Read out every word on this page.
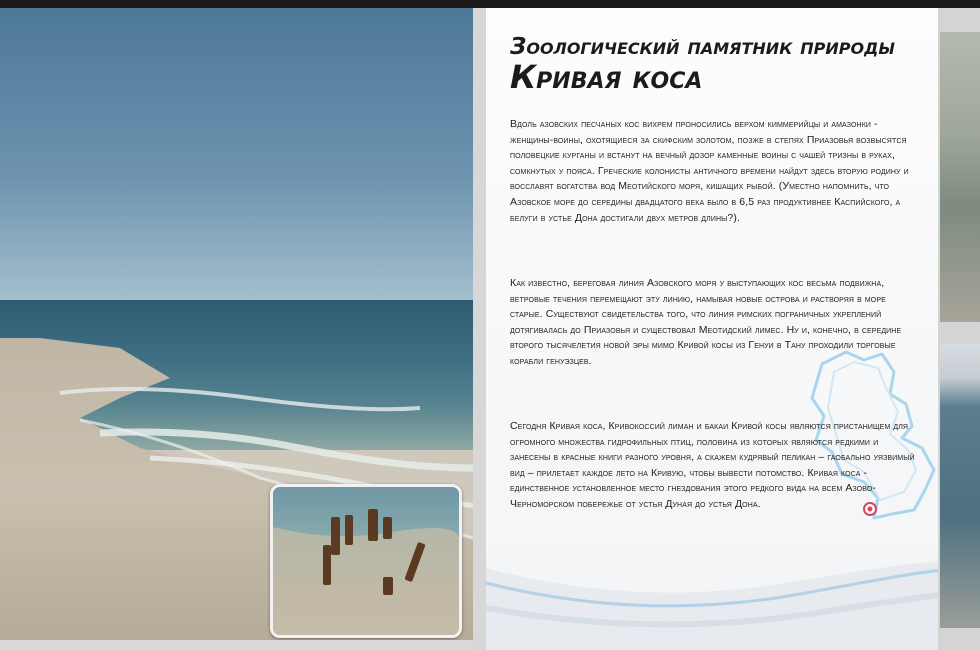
Зоологический памятник природы
Кривая коса

Вдоль азовских песчаных кос вихрем проносились верхом киммерийцы и амазонки - женщины-воины, охотящиеся за скифским золотом, позже в степях Приазовья возвысятся половецкие курганы и встанут на вечный дозор каменные воины с чашей тризны в руках, сомкнутых у пояса. Греческие колонисты античного времени найдут здесь вторую родину и восславят богатства вод Меотийского моря, кишащих рыбой. (Уместно напомнить, что Азовское море до середины двадцатого века было в 6,5 раз продуктивнее Каспийского, а белуги в устье Дона достигали двух метров длины?).

Как известно, береговая линия Азовского моря у выступающих кос весьма подвижна, ветровые течения перемещают эту линию, намывая новые острова и растворяя в море старые. Существуют свидетельства того, что линия римских пограничных укреплений дотягивалась до Приазовья и существовал Меотидский лимес. Ну и, конечно, в середине второго тысячелетия новой эры мимо Кривой косы из Генуи в Тану проходили торговые корабли генуэзцев.

Сегодня Кривая коса, Кривокоссий лиман и бакаи Кривой косы являются пристанищем для огромного множества гидрофильных птиц, половина из которых являются редкими и занесены в красные книги разного уровня, а скажем кудрявый пеликан – гаобально уязвимый вид – прилетает каждое лето на Кривую, чтобы вывести потомство. Кривая коса - единственное установленное место гнездования этого редкого вида на всем Азово-Черноморском побережье от устья Дуная до устья Дона.
